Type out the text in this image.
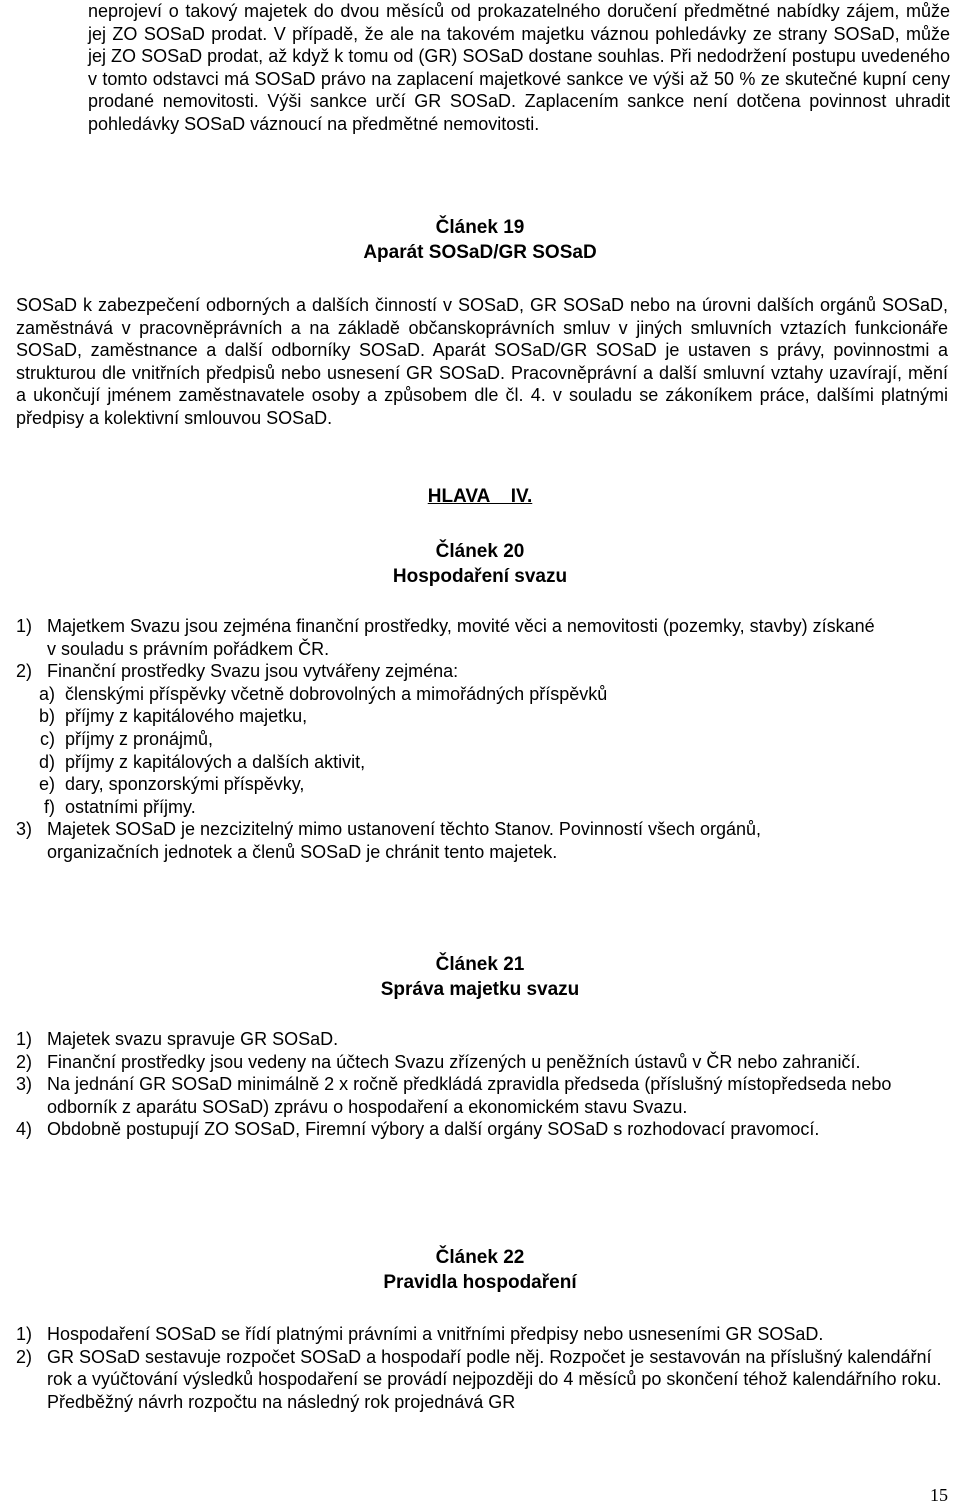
neprojeví o takový majetek do dvou měsíců od prokazatelného doručení předmětné nabídky zájem, může jej ZO SOSaD prodat. V případě, že ale na takovém majetku váznou pohledávky ze strany SOSaD, může jej ZO SOSaD prodat, až když k tomu od (GR) SOSaD dostane souhlas. Při nedodržení postupu uvedeného v tomto odstavci má SOSaD právo na zaplacení majetkové sankce ve výši až 50 % ze skutečné kupní ceny prodané nemovitosti. Výši sankce určí GR SOSaD. Zaplacením sankce není dotčena povinnost uhradit pohledávky SOSaD váznoucí na předmětné nemovitosti.

Článek 19

Aparát SOSaD/GR SOSaD

SOSaD k zabezpečení odborných a dalších činností v SOSaD, GR SOSaD nebo na úrovni dalších orgánů SOSaD, zaměstnává v pracovněprávních a na základě občanskoprávních smluv v jiných smluvních vztazích funkcionáře SOSaD, zaměstnance a další odborníky SOSaD. Aparát SOSaD/GR SOSaD je ustaven s právy, povinnostmi a strukturou dle vnitřních předpisů nebo usnesení GR SOSaD. Pracovněprávní a další smluvní vztahy uzavírají, mění a ukončují jménem zaměstnavatele osoby a způsobem dle čl. 4. v souladu se zákoníkem práce, dalšími platnými předpisy a kolektivní smlouvou SOSaD.

HLAVA    IV.

Článek 20

Hospodaření svazu

1) Majetkem Svazu jsou zejména finanční prostředky, movité věci a nemovitosti (pozemky, stavby) získané v souladu s právním pořádkem ČR.
2) Finanční prostředky Svazu jsou vytvářeny zejména:
a) členskými příspěvky včetně dobrovolných a mimořádných příspěvků
b) příjmy z kapitálového majetku,
c) příjmy z pronájmů,
d) příjmy z kapitálových a dalších aktivit,
e) dary, sponzorskými příspěvky,
f) ostatními příjmy.
3) Majetek SOSaD je nezcizitelný mimo ustanovení těchto Stanov. Povinností všech orgánů, organizačních jednotek a členů SOSaD je chránit tento majetek.

Článek 21

Správa majetku svazu

1) Majetek svazu spravuje GR SOSaD.
2) Finanční prostředky jsou vedeny na účtech Svazu zřízených u peněžních ústavů v ČR nebo zahraničí.
3) Na jednání GR SOSaD minimálně 2 x ročně předkládá zpravidla předseda (příslušný místopředseda nebo odborník z aparátu SOSaD) zprávu o hospodaření a ekonomickém stavu Svazu.
4) Obdobně postupují ZO SOSaD, Firemní výbory a další orgány SOSaD s rozhodovací pravomocí.

Článek 22

Pravidla hospodaření

1) Hospodaření SOSaD se řídí platnými právními a vnitřními předpisy nebo usneseními GR SOSaD.
2) GR SOSaD sestavuje rozpočet SOSaD a hospodaří podle něj. Rozpočet je sestavován na příslušný kalendářní rok a vyúčtování výsledků hospodaření se provádí nejpozději do 4 měsíců po skončení téhož kalendářního roku. Předběžný návrh rozpočtu na následný rok projednává GR
15
